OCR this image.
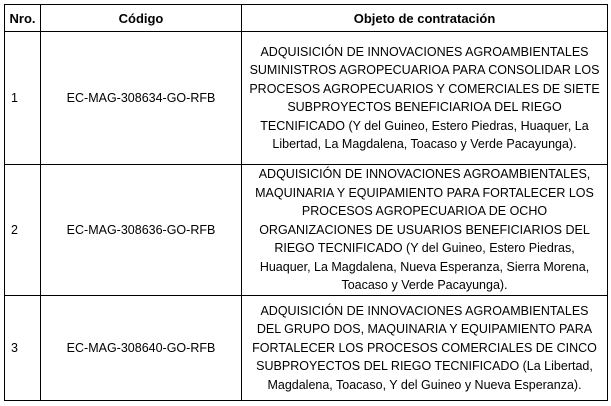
Nro.	Código	Objeto de contratación
1	EC-MAG-308634-GO-RFB	ADQUISICIÓN DE INNOVACIONES AGROAMBIENTALES SUMINISTROS AGROPECUARIOA PARA CONSOLIDAR LOS PROCESOS AGROPECUARIOS Y COMERCIALES DE SIETE SUBPROYECTOS BENEFICIARIOA DEL RIEGO TECNIFICADO (Y del Guineo, Estero Piedras, Huaquer, La Libertad, La Magdalena, Toacaso y Verde Pacayunga).
2	EC-MAG-308636-GO-RFB	ADQUISICIÓN DE INNOVACIONES AGROAMBIENTALES, MAQUINARIA Y EQUIPAMIENTO PARA FORTALECER LOS PROCESOS AGROPECUARIOA DE OCHO ORGANIZACIONES DE USUARIOS BENEFICIARIOS DEL RIEGO TECNIFICADO (Y del Guineo, Estero Piedras, Huaquer, La Magdalena, Nueva Esperanza, Sierra Morena, Toacaso y Verde Pacayunga).
3	EC-MAG-308640-GO-RFB	ADQUISICIÓN DE INNOVACIONES AGROAMBIENTALES DEL GRUPO DOS, MAQUINARIA Y EQUIPAMIENTO PARA FORTALECER LOS PROCESOS COMERCIALES DE CINCO SUBPROYECTOS DEL RIEGO TECNIFICADO (La Libertad, Magdalena, Toacaso, Y del Guineo y Nueva Esperanza).
